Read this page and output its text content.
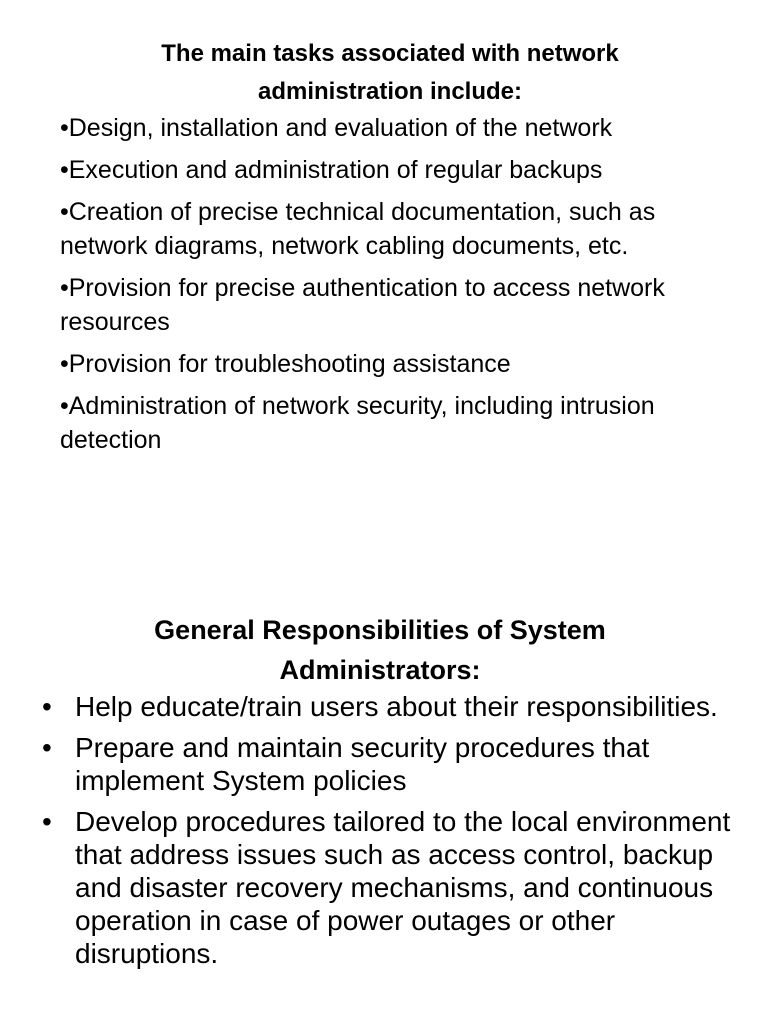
The main tasks associated with network
administration include:
•Design, installation and evaluation of the network
•Execution and administration of regular backups
•Creation of precise technical documentation, such as network diagrams, network cabling documents, etc.
•Provision for precise authentication to access network resources
•Provision for troubleshooting assistance
•Administration of network security, including intrusion detection
General Responsibilities of System
Administrators:
• Help educate/train users about their responsibilities.
• Prepare and maintain security procedures that implement System policies
• Develop procedures tailored to the local environment that address issues such as access control, backup and disaster recovery mechanisms, and continuous operation in case of power outages or other disruptions.
